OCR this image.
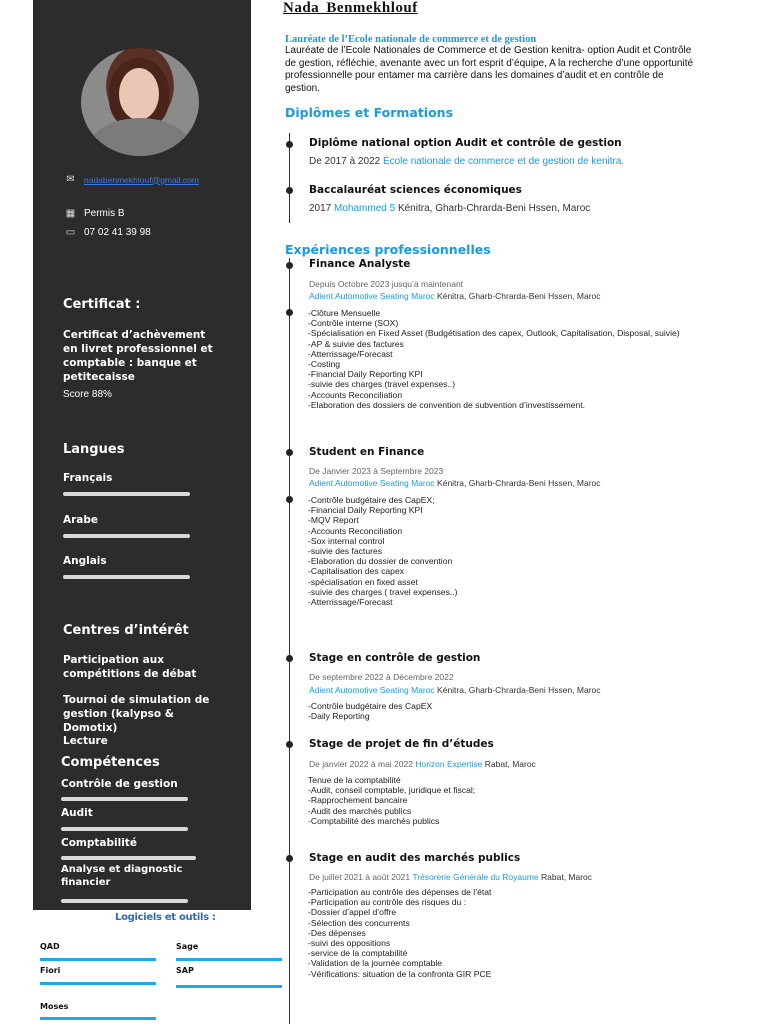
✉ nadabenmekhlouf@gmail.com
▦ Permis B
▭ 07 02 41 39 98
Certificat :
Certificat d’achèvement en livret professionnel et comptable : banque et petitecaisse
Score 88%
Langues
Français
Arabe
Anglais
Centres d’intérêt
Participation aux compétitions de débat
Tournoi de simulation de gestion (kalypso & Domotix)
Lecture
Compétences
Contrôle de gestion
Audit
Comptabilité
Analyse et diagnostic financier
Logiciels et outils :
QAD	Sage
Fiori	SAP
Moses
Nada Benmekhlouf
Lauréate de l’Ecole nationale de commerce et de gestion
Lauréate de l’Ecole Nationales de Commerce et de Gestion kenitra- option Audit et Contrôle de gestion, réfléchie, avenante avec un fort esprit d’équipe, A la recherche d’une opportunité professionnelle pour entamer ma carrière dans les domaines d’audit et en contrôle de gestion.
Diplômes et Formations
Diplôme national option Audit et contrôle de gestion
De 2017 à 2022 École nationale de commerce et de gestion de kenitra.
Baccalauréat sciences économiques
2017 Mohammed 5 Kénitra, Gharb-Chrarda-Beni Hssen, Maroc
Expériences professionnelles
Finance Analyste
Depuis Octobre 2023 jusqu’à maintenant
Adient Automotive Seating Maroc Kénitra, Gharb-Chrarda-Beni Hssen, Maroc
-Clôture Mensuelle
-Contrôle interne (SOX)
-Spécialisation en Fixed Asset (Budgétisation des capex, Outlook, Capitalisation, Disposal, suivie)
-AP & suivie des factures
-Atterrissage/Forecast
-Costing
-Financial Daily Reporting KPI
-suivie des charges (travel expenses..)
-Accounts Reconciliation
-Elaboration des dossiers de convention de subvention d’investissement.
Student en Finance
De Janvier 2023 à Septembre 2023
Adient Automotive Seating Maroc Kénitra, Gharb-Chrarda-Beni Hssen, Maroc
-Contrôle budgétaire des CapEX;
-Financial Daily Reporting KPI
-MQV Report
-Accounts Reconciliation
-Sox internal control
-suivie des factures
-Elaboration du dossier de convention
-Capitalisation des capex
-spécialisation en fixed asset
-suivie des charges ( travel expenses..)
-Atterrissage/Forecast
Stage en contrôle de gestion
De septembre 2022 à Décembre 2022
Adient Automotive Seating Maroc Kénitra, Gharb-Chrarda-Beni Hssen, Maroc
-Contrôle budgétaire des CapEX
-Daily Reporting
Stage de projet de fin d’études
De janvier 2022 à mai 2022 Horizon Expertise Rabat, Maroc
Tenue de la comptabilité
-Audit, conseil comptable, juridique et fiscal;
-Rapprochement bancaire
-Audit des marchés publics
-Comptabilité des marchés publics
Stage en audit des marchés publics
De juillet 2021 à août 2021 Trésorerie Générale du Royaume Rabat, Maroc
-Participation au contrôle des dépenses de l’état
-Participation au contrôle des risques du :
-Dossier d’appel d’offre
-Sélection des concurrents
-Des dépenses
-suivi des oppositions
-service de la comptabilité
-Validation de la journée comptable
-Vérifications: situation de la confronta GIR PCE
